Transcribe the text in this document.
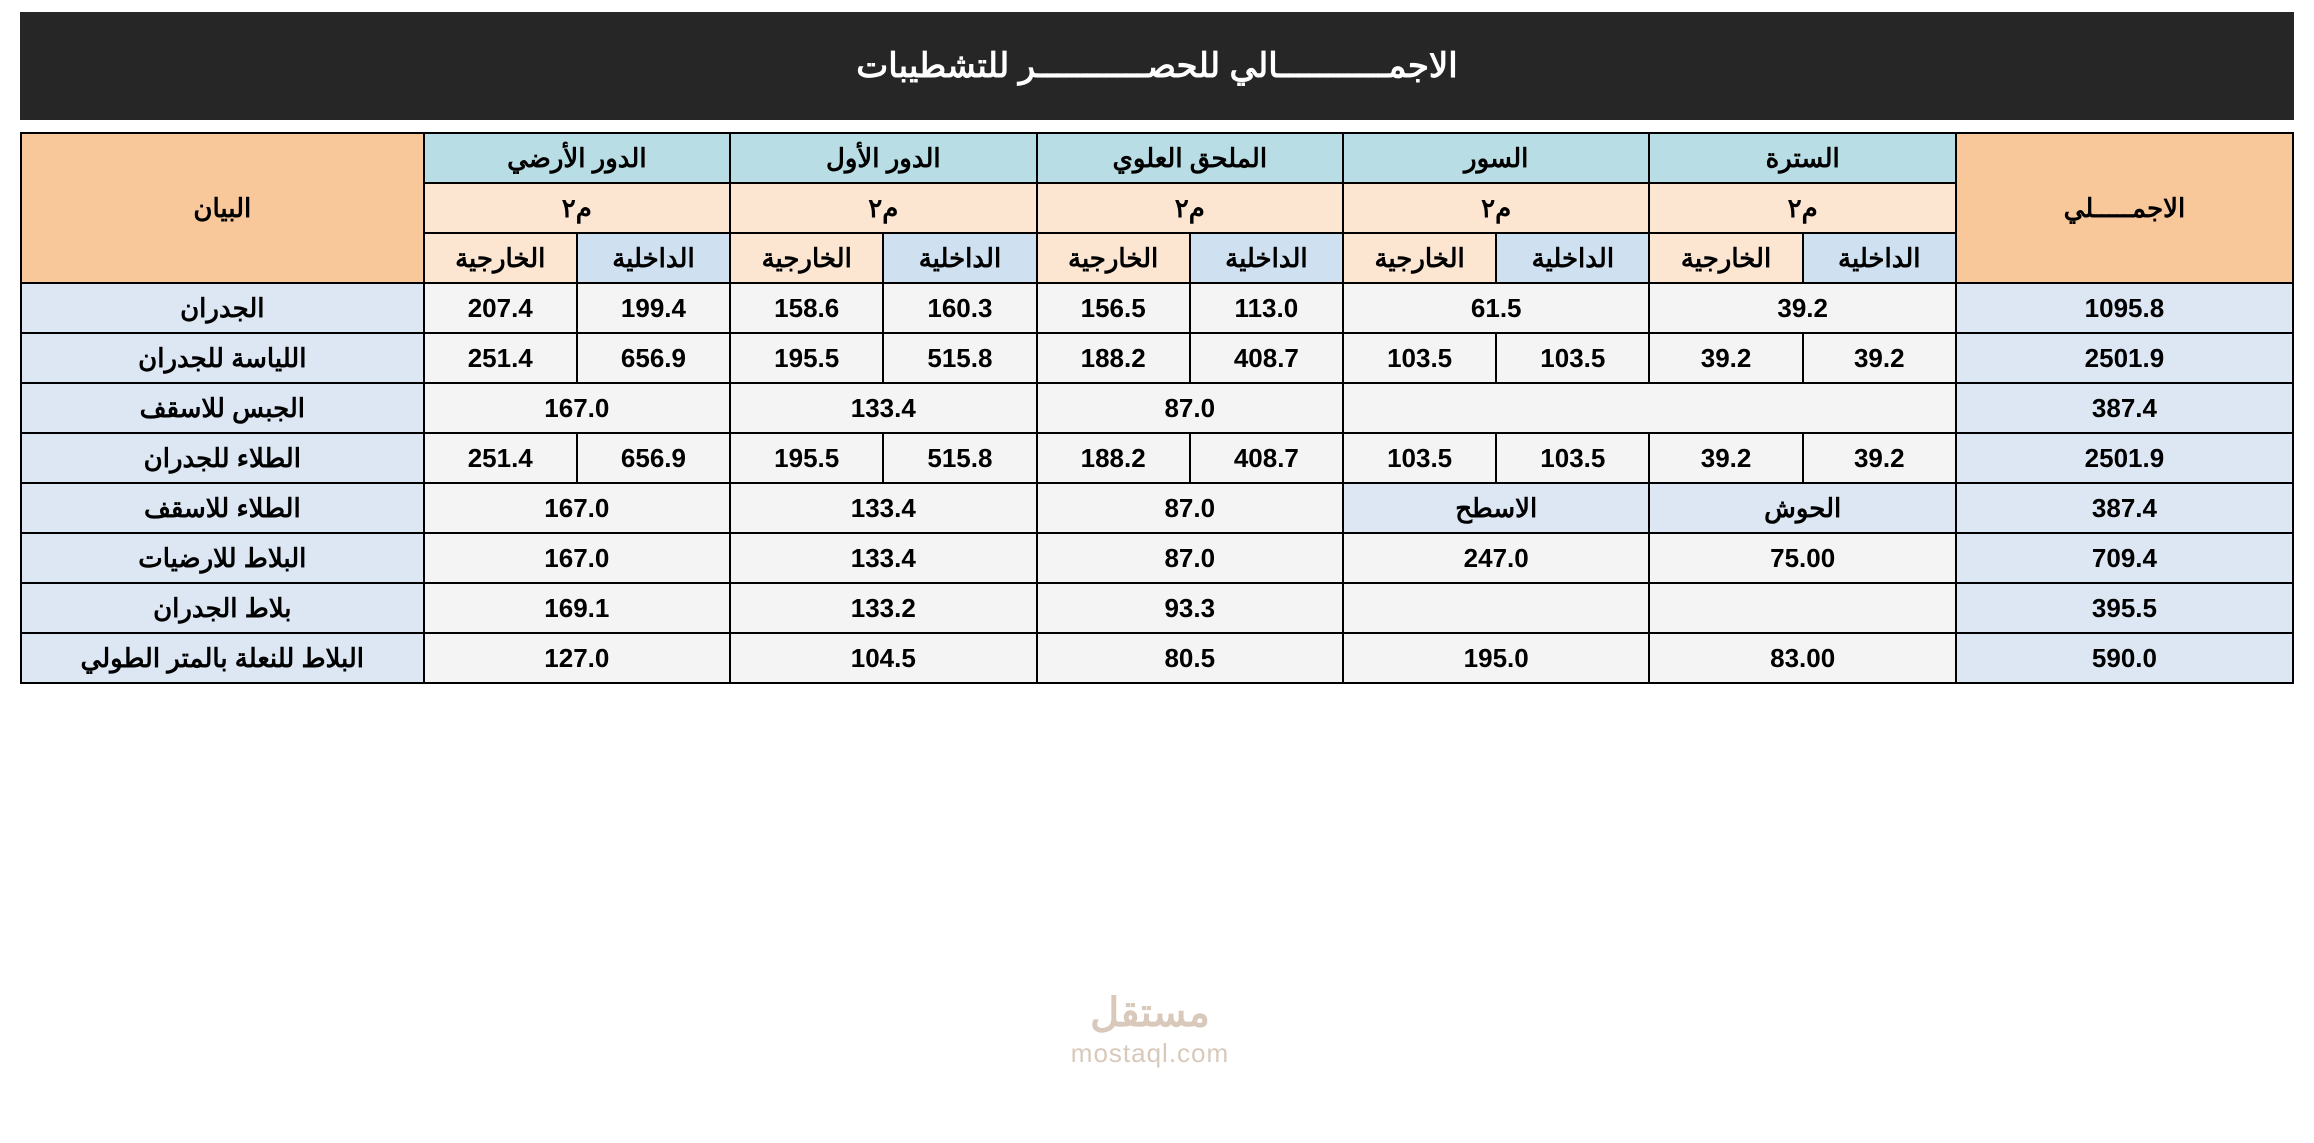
الاجمـــــــــــالي للحصـــــــــــر للتشطيبات
الاجمـــــلي	السترة		السور		الملحق العلوي		الدور الأول		الدور الأرضي		البيان
	م٢		م٢		م٢		م٢		م٢		
	الداخلية	الخارجية	الداخلية	الخارجية	الداخلية	الخارجية	الداخلية	الخارجية	الداخلية	الخارجية	
1095.8	39.2		61.5		113.0	156.5	160.3	158.6	199.4	207.4	الجدران
2501.9	39.2	39.2	103.5	103.5	408.7	188.2	515.8	195.5	656.9	251.4	اللياسة للجدران
387.4					87.0		133.4		167.0		الجبس للاسقف
2501.9	39.2	39.2	103.5	103.5	408.7	188.2	515.8	195.5	656.9	251.4	الطلاء للجدران
387.4	الحوش		الاسطح		87.0		133.4		167.0		الطلاء للاسقف
709.4	75.00		247.0		87.0		133.4		167.0		البلاط للارضيات
395.5					93.3		133.2		169.1		بلاط الجدران
590.0	83.00		195.0		80.5		104.5		127.0		البلاط للنعلة بالمتر الطولي
مستقل
mostaql.com
